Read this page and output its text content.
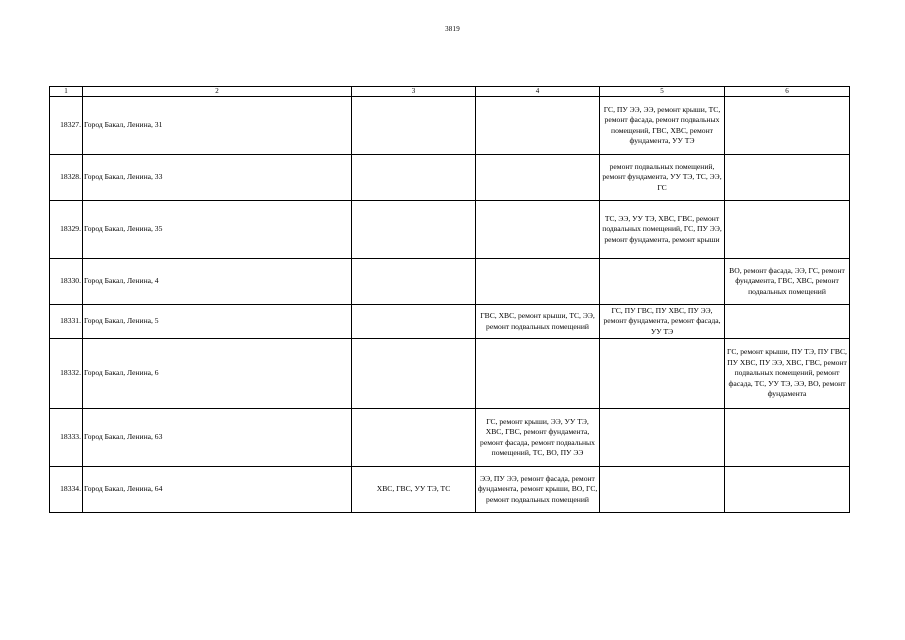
3819
1	2	3	4	5	6
18327.	Город Бакал, Ленина, 31			ГС, ПУ ЭЭ, ЭЭ, ремонт крыши, ТС, ремонт фасада, ремонт подвальных помещений, ГВС, ХВС, ремонт фундамента, УУ ТЭ	
18328.	Город Бакал, Ленина, 33			ремонт подвальных помещений, ремонт фундамента, УУ ТЭ, ТС, ЭЭ, ГС	
18329.	Город Бакал, Ленина, 35			ТС, ЭЭ, УУ ТЭ, ХВС, ГВС, ремонт подвальных помещений, ГС, ПУ ЭЭ, ремонт фундамента, ремонт крыши	
18330.	Город Бакал, Ленина, 4				ВО, ремонт фасада, ЭЭ, ГС, ремонт фундамента, ГВС, ХВС, ремонт подвальных помещений
18331.	Город Бакал, Ленина, 5		ГВС, ХВС, ремонт крыши, ТС, ЭЭ, ремонт подвальных помещений	ГС, ПУ ГВС, ПУ ХВС, ПУ ЭЭ, ремонт фундамента, ремонт фасада, УУ ТЭ	
18332.	Город Бакал, Ленина, 6				ГС, ремонт крыши, ПУ ТЭ, ПУ ГВС, ПУ ХВС, ПУ ЭЭ, ХВС, ГВС, ремонт подвальных помещений, ремонт фасада, ТС, УУ ТЭ, ЭЭ, ВО, ремонт фундамента
18333.	Город Бакал, Ленина, 63		ГС, ремонт крыши, ЭЭ, УУ ТЭ, ХВС, ГВС, ремонт фундамента, ремонт фасада, ремонт подвальных помещений, ТС, ВО, ПУ ЭЭ		
18334.	Город Бакал, Ленина, 64	ХВС, ГВС, УУ ТЭ, ТС	ЭЭ, ПУ ЭЭ, ремонт фасада, ремонт фундамента, ремонт крыши, ВО, ГС, ремонт подвальных помещений		
